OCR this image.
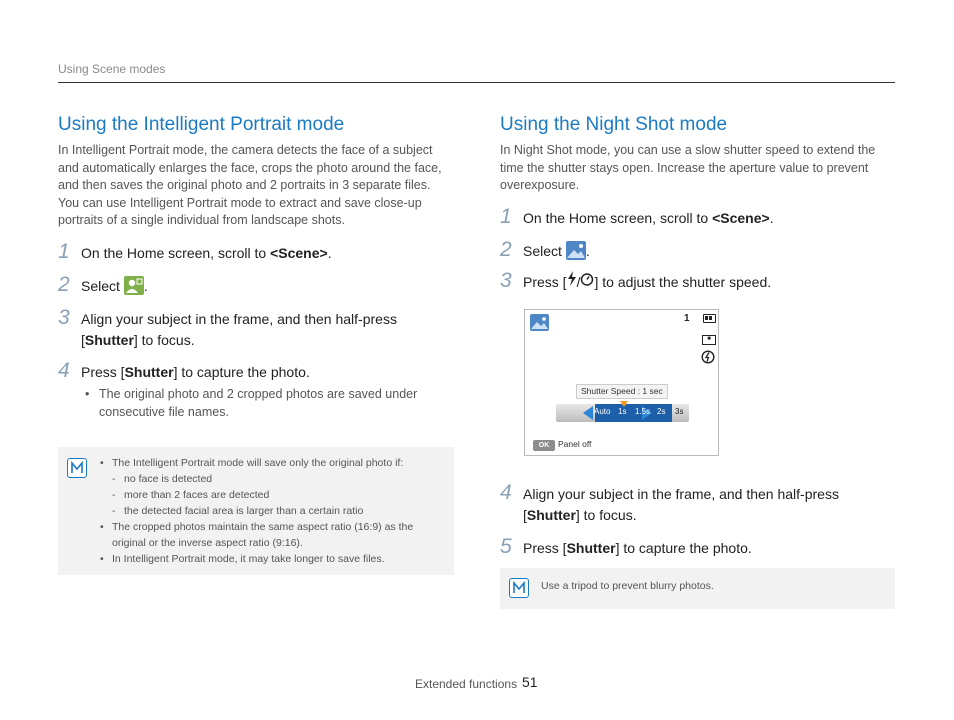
Using Scene modes
Using the Intelligent Portrait mode

In Intelligent Portrait mode, the camera detects the face of a subject and automatically enlarges the face, crops the photo around the face, and then saves the original photo and 2 portraits in 3 separate files. You can use Intelligent Portrait mode to extract and save close-up portraits of a single individual from landscape shots.

1 On the Home screen, scroll to <Scene>.
2 Select .
3 Align your subject in the frame, and then half-press
[Shutter] to focus.
4 Press [Shutter] to capture the photo.
• The original photo and 2 cropped photos are saved under consecutive file names.
• The Intelligent Portrait mode will save only the original photo if:
- no face is detected
- more than 2 faces are detected
- the detected facial area is larger than a certain ratio
• The cropped photos maintain the same aspect ratio (16:9) as the original or the inverse aspect ratio (9:16).
• In Intelligent Portrait mode, it may take longer to save files.
Using the Night Shot mode

In Night Shot mode, you can use a slow shutter speed to extend the time the shutter stays open. Increase the aperture value to prevent overexposure.

1 On the Home screen, scroll to <Scene>.
2 Select .
3 Press [ / ] to adjust the shutter speed.
4 Align your subject in the frame, and then half-press
[Shutter] to focus.
5 Press [Shutter] to capture the photo.
1
■
Shutter Speed : 1 sec
Auto 1s 1.5s 2s 3s
OK	Panel off
Use a tripod to prevent blurry photos.
Extended functions 51
